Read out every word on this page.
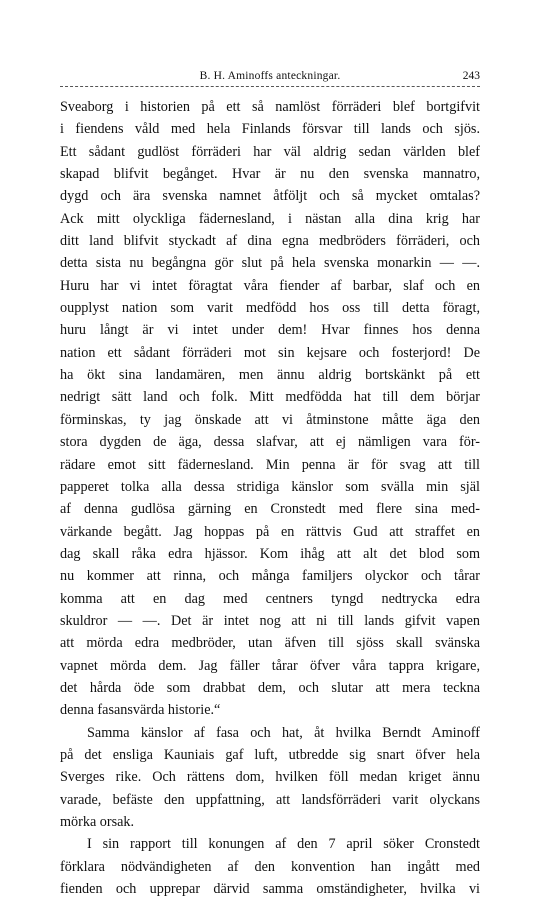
B. H. Aminoffs anteckningar.	243
Sveaborg i historien på ett så namlöst förräderi blef bortgifvit
i fiendens våld med hela Finlands försvar till lands och sjös.
Ett sådant gudlöst förräderi har väl aldrig sedan världen blef
skapad blifvit begånget. Hvar är nu den svenska mannatro,
dygd och ära svenska namnet åtföljt och så mycket omtalas?
Ack mitt olyckliga fädernesland, i nästan alla dina krig har
ditt land blifvit styckadt af dina egna medbröders förräderi, och
detta sista nu begångna gör slut på hela svenska monarkin — —.
Huru har vi intet föragtat våra fiender af barbar, slaf och en
oupplyst nation som varit medfödd hos oss till detta föragt,
huru långt är vi intet under dem! Hvar finnes hos denna
nation ett sådant förräderi mot sin kejsare och fosterjord! De
ha ökt sina landamären, men ännu aldrig bortskänkt på ett
nedrigt sätt land och folk. Mitt medfödda hat till dem börjar
förminskas, ty jag önskade att vi åtminstone måtte äga den
stora dygden de äga, dessa slafvar, att ej nämligen vara för-
rädare emot sitt fädernesland. Min penna är för svag att till
papperet tolka alla dessa stridiga känslor som svälla min själ
af denna gudlösa gärning en Cronstedt med flere sina med-
värkande begått. Jag hoppas på en rättvis Gud att straffet en
dag skall råka edra hjässor. Kom ihåg att alt det blod som
nu kommer att rinna, och många familjers olyckor och tårar
komma att en dag med centners tyngd nedtrycka edra
skuldror — —. Det är intet nog att ni till lands gifvit vapen
att mörda edra medbröder, utan äfven till sjöss skall svänska
vapnet mörda dem. Jag fäller tårar öfver våra tappra krigare,
det hårda öde som drabbat dem, och slutar att mera teckna
denna fasansvärda historie.“
Samma känslor af fasa och hat, åt hvilka Berndt Aminoff
på det ensliga Kauniais gaf luft, utbredde sig snart öfver hela
Sverges rike. Och rättens dom, hvilken föll medan kriget ännu
varade, befäste den uppfattning, att landsförräderi varit olyckans
mörka orsak.
I sin rapport till konungen af den 7 april söker Cronstedt
förklara nödvändigheten af den konvention han ingått med
fienden och upprepar därvid samma omständigheter, hvilka vi
